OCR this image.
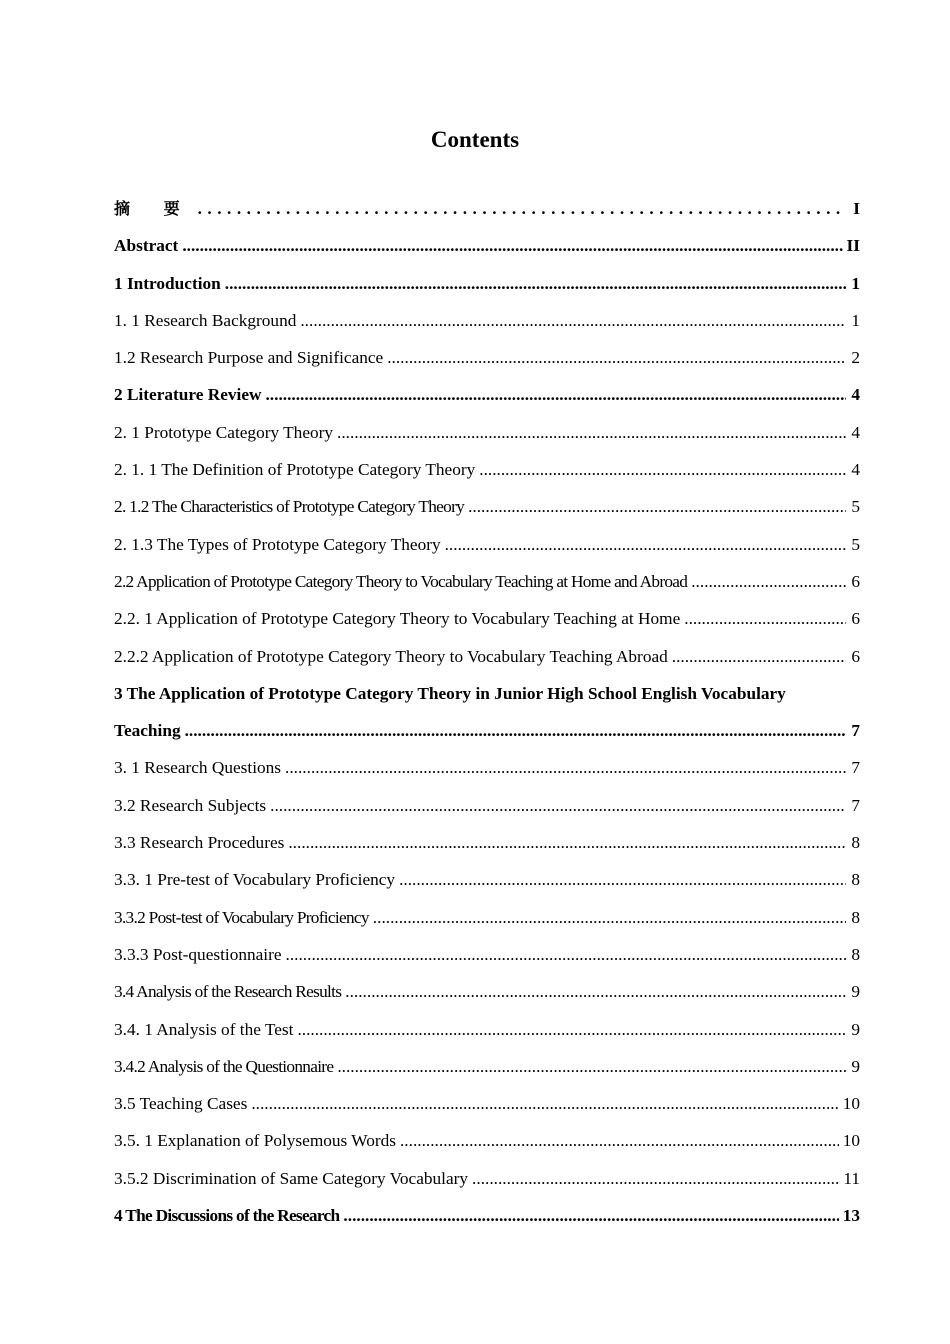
Contents
摘 要 .....	I
Abstract .....	II
1 Introduction .....	1
1. 1 Research Background .....	1
1.2 Research Purpose and Significance .....	2
2 Literature Review .....	4
2. 1 Prototype Category Theory .....	4
2. 1. 1 The Definition of Prototype Category Theory .....	4
2. 1.2 The Characteristics of Prototype Category Theory .....	5
2. 1.3 The Types of Prototype Category Theory .....	5
2.2 Application of Prototype Category Theory to Vocabulary Teaching at Home and Abroad .....	6
2.2. 1 Application of Prototype Category Theory to Vocabulary Teaching at Home .....	6
2.2.2 Application of Prototype Category Theory to Vocabulary Teaching Abroad .....	6
3 The Application of Prototype Category Theory in Junior High School English Vocabulary
Teaching .....	7
3. 1 Research Questions .....	7
3.2 Research Subjects .....	7
3.3 Research Procedures .....	8
3.3. 1 Pre-test of Vocabulary Proficiency .....	8
3.3.2 Post-test of Vocabulary Proficiency .....	8
3.3.3 Post-questionnaire .....	8
3.4 Analysis of the Research Results .....	9
3.4. 1 Analysis of the Test .....	9
3.4.2 Analysis of the Questionnaire .....	9
3.5 Teaching Cases .....	10
3.5. 1 Explanation of Polysemous Words .....	10
3.5.2 Discrimination of Same Category Vocabulary .....	11
4 The Discussions of the Research .....	13
